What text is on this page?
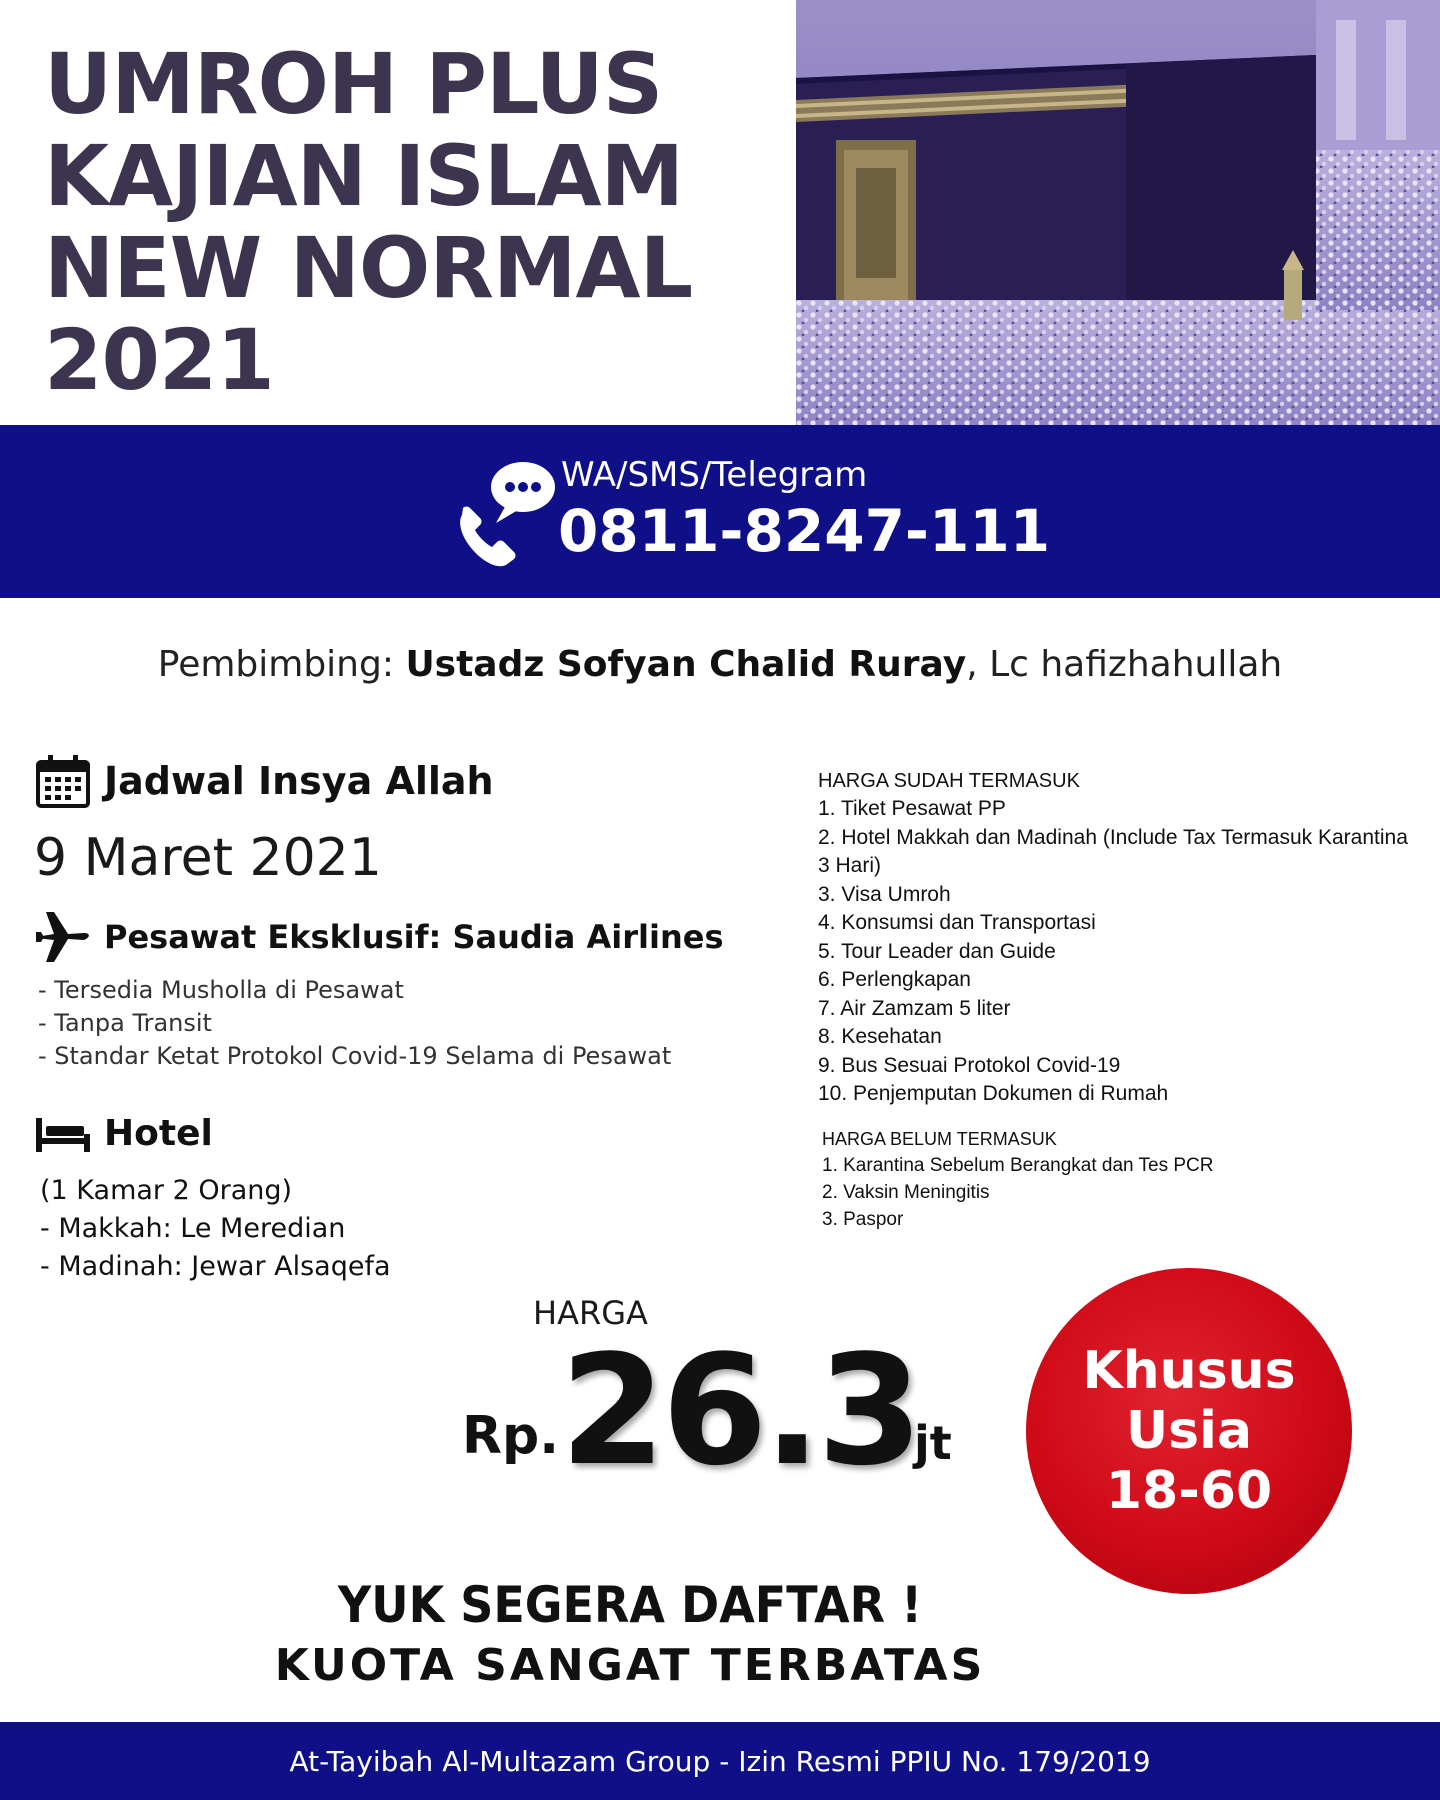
UMROH PLUS
KAJIAN ISLAM
NEW NORMAL
2021
WA/SMS/Telegram
0811-8247-111
Pembimbing: Ustadz Sofyan Chalid Ruray, Lc hafizhahullah
Jadwal Insya Allah
9 Maret 2021
Pesawat Eksklusif: Saudia Airlines
- Tersedia Musholla di Pesawat
- Tanpa Transit
- Standar Ketat Protokol Covid-19 Selama di Pesawat
Hotel
(1 Kamar 2 Orang)
- Makkah: Le Meredian
- Madinah: Jewar Alsaqefa
HARGA SUDAH TERMASUK
1. Tiket Pesawat PP
2. Hotel Makkah dan Madinah (Include Tax Termasuk Karantina 3 Hari)
3. Visa Umroh
4. Konsumsi dan Transportasi
5. Tour Leader dan Guide
6. Perlengkapan
7. Air Zamzam 5 liter
8. Kesehatan
9. Bus Sesuai Protokol Covid-19
10. Penjemputan Dokumen di Rumah
HARGA BELUM TERMASUK
1. Karantina Sebelum Berangkat dan Tes PCR
2. Vaksin Meningitis
3. Paspor
HARGA
Rp. 26.3
jt
Khusus
Usia
18-60
YUK SEGERA DAFTAR !
KUOTA SANGAT TERBATAS
At-Tayibah Al-Multazam Group - Izin Resmi PPIU No. 179/2019
